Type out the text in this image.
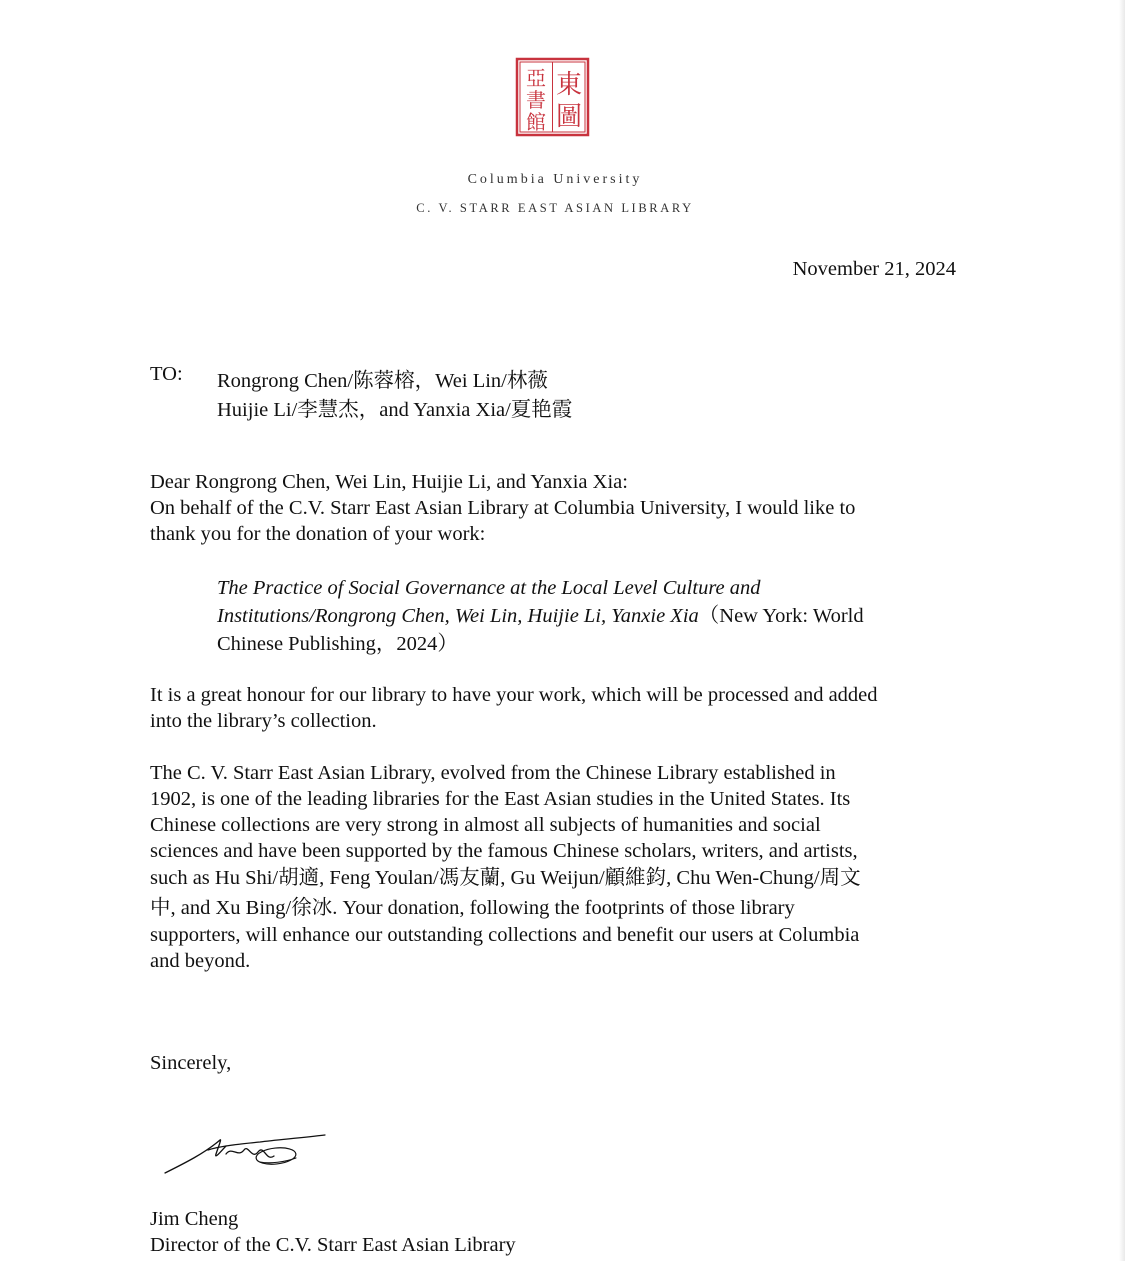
東
圖
亞
書
館
Columbia University
C. V. STARR EAST ASIAN LIBRARY
November 21, 2024
TO: Rongrong Chen/陈蓉榕，Wei Lin/林薇
Huijie Li/李慧杰，and Yanxia Xia/夏艳霞
Dear Rongrong Chen, Wei Lin, Huijie Li, and Yanxia Xia:
On behalf of the C.V. Starr East Asian Library at Columbia University, I would like to
thank you for the donation of your work:
The Practice of Social Governance at the Local Level Culture and
Institutions/Rongrong Chen, Wei Lin, Huijie Li, Yanxie Xia（New York: World
Chinese Publishing，2024）
It is a great honour for our library to have your work, which will be processed and added
into the library’s collection.
The C. V. Starr East Asian Library, evolved from the Chinese Library established in
1902, is one of the leading libraries for the East Asian studies in the United States. Its
Chinese collections are very strong in almost all subjects of humanities and social
sciences and have been supported by the famous Chinese scholars, writers, and artists,
such as Hu Shi/胡適, Feng Youlan/馮友蘭, Gu Weijun/顧維鈞, Chu Wen-Chung/周文
中, and Xu Bing/徐冰. Your donation, following the footprints of those library
supporters, will enhance our outstanding collections and benefit our users at Columbia
and beyond.
Sincerely,
Jim Cheng
Director of the C.V. Starr East Asian Library
